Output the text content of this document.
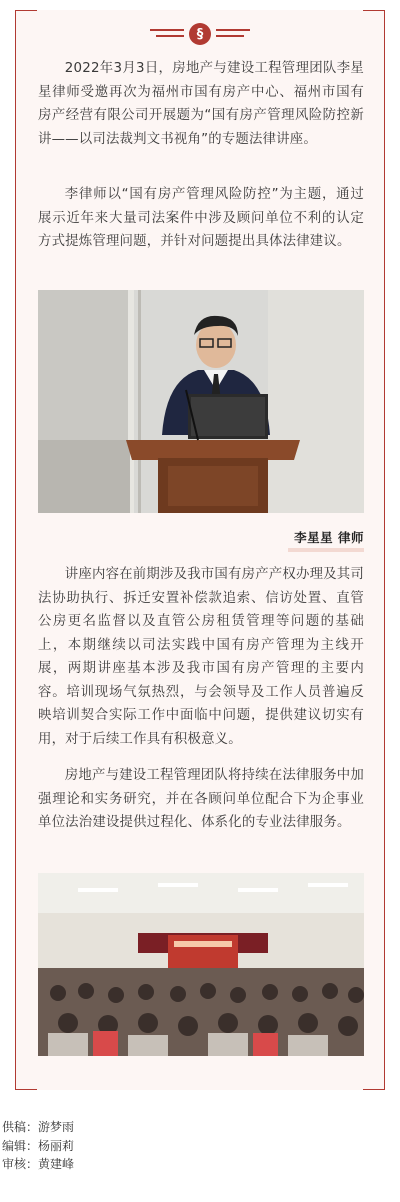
§

2022年3月3日，房地产与建设工程管理团队李星星律师受邀再次为福州市国有房产中心、福州市国有房产经营有限公司开展题为“国有房产管理风险防控新讲——以司法裁判文书视角”的专题法律讲座。

李律师以“国有房产管理风险防控”为主题，通过展示近年来大量司法案件中涉及顾问单位不利的认定方式提炼管理问题，并针对问题提出具体法律建议。

李星星 律师

讲座内容在前期涉及我市国有房产产权办理及其司法协助执行、拆迁安置补偿款追索、信访处置、直管公房更名监督以及直管公房租赁管理等问题的基础上，本期继续以司法实践中国有房产管理为主线开展，两期讲座基本涉及我市国有房产管理的主要内容。培训现场气氛热烈，与会领导及工作人员普遍反映培训契合实际工作中面临中问题，提供建议切实有用，对于后续工作具有积极意义。

房地产与建设工程管理团队将持续在法律服务中加强理论和实务研究，并在各顾问单位配合下为企事业单位法治建设提供过程化、体系化的专业法律服务。

供稿：游梦雨
编辑：杨丽莉
审核：黄建峰
